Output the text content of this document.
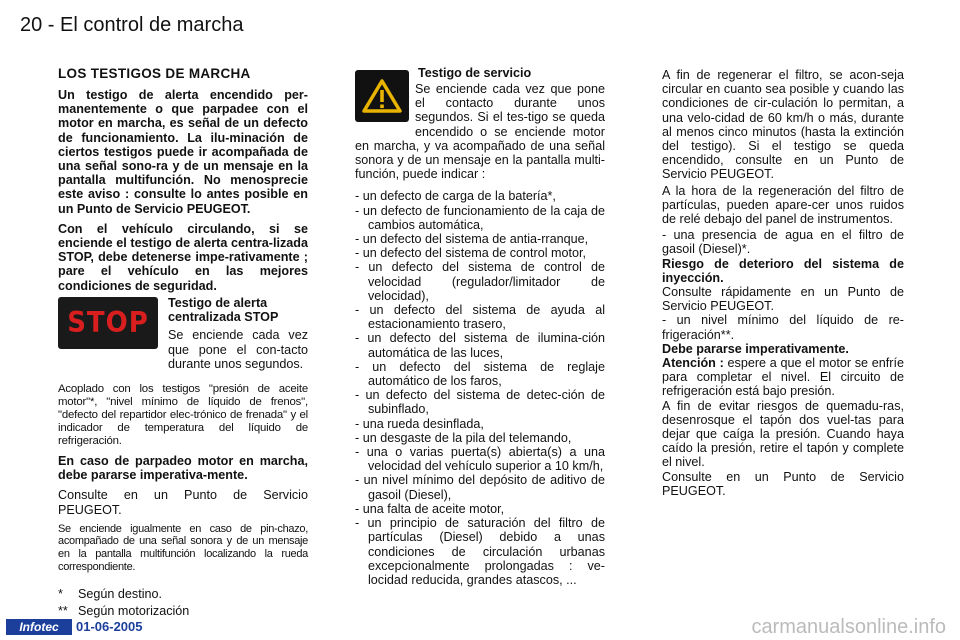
20 - El control de marcha
LOS TESTIGOS DE MARCHA

Un testigo de alerta encendido per-manentemente o que parpadee con el motor en marcha, es señal de un defecto de funcionamiento. La ilu-minación de ciertos testigos puede ir acompañada de una señal sono-ra y de un mensaje en la pantalla multifunción. No menosprecie este aviso : consulte lo antes posible en un Punto de Servicio PEUGEOT.

Con el vehículo circulando, si se enciende el testigo de alerta centra-lizada STOP, debe detenerse impe-rativamente ; pare el vehículo en las mejores condiciones de seguridad.

STOP

Testigo de alerta centralizada STOP

Se enciende cada vez que pone el con-tacto durante unos segundos.

Acoplado con los testigos "presión de aceite motor"*, "nivel mínimo de líquido de frenos", "defecto del repartidor elec-trónico de frenada" y el indicador de temperatura del líquido de refrigeración.

En caso de parpadeo motor en marcha, debe pararse imperativa-mente.

Consulte en un Punto de Servicio PEUGEOT.

Se enciende igualmente en caso de pin-chazo, acompañado de una señal sonora y de un mensaje en la pantalla multifunción localizando la rueda correspondiente.

* Según destino.
** Según motorización

Testigo de servicio

Se enciende cada vez que pone el contacto durante unos segundos. Si el tes-tigo se queda encendido o se enciende motor en marcha, y va acompañado de una señal sonora y de un mensaje en la pantalla multi-función, puede indicar :

- un defecto de carga de la batería*,
- un defecto de funcionamiento de la caja de cambios automática,
- un defecto del sistema de antia-rranque,
- un defecto del sistema de control motor,
- un defecto del sistema de control de velocidad (regulador/limitador de velocidad),
- un defecto del sistema de ayuda al estacionamiento trasero,
- un defecto del sistema de ilumina-ción automática de las luces,
- un defecto del sistema de reglaje automático de los faros,
- un defecto del sistema de detec-ción de subinflado,
- una rueda desinflada,
- un desgaste de la pila del telemando,
- una o varias puerta(s) abierta(s) a una velocidad del vehículo superior a 10 km/h,
- un nivel mínimo del depósito de aditivo de gasoil (Diesel),
- una falta de aceite motor,
- un principio de saturación del filtro de partículas (Diesel) debido a unas condiciones de circulación urbanas excepcionalmente prolongadas : ve-locidad reducida, grandes atascos, ...

A fin de regenerar el filtro, se acon-seja circular en cuanto sea posible y cuando las condiciones de cir-culación lo permitan, a una velo-cidad de 60 km/h o más, durante al menos cinco minutos (hasta la extinción del testigo). Si el testigo se queda encendido, consulte en un Punto de Servicio PEUGEOT.

A la hora de la regeneración del filtro de partículas, pueden apare-cer unos ruidos de relé debajo del panel de instrumentos.

- una presencia de agua en el filtro de gasoil (Diesel)*.

Riesgo de deterioro del sistema de inyección.

Consulte rápidamente en un Punto de Servicio PEUGEOT.

- un nivel mínimo del líquido de re-frigeración**.

Debe pararse imperativamente.

Atención : espere a que el motor se enfríe para completar el nivel. El circuito de refrigeración está bajo presión.

A fin de evitar riesgos de quemadu-ras, desenrosque el tapón dos vuel-tas para dejar que caíga la presión. Cuando haya caído la presión, retire el tapón y complete el nivel.

Consulte en un Punto de Servicio PEUGEOT.

Infotec	01-06-2005	carmanualsonline.info
